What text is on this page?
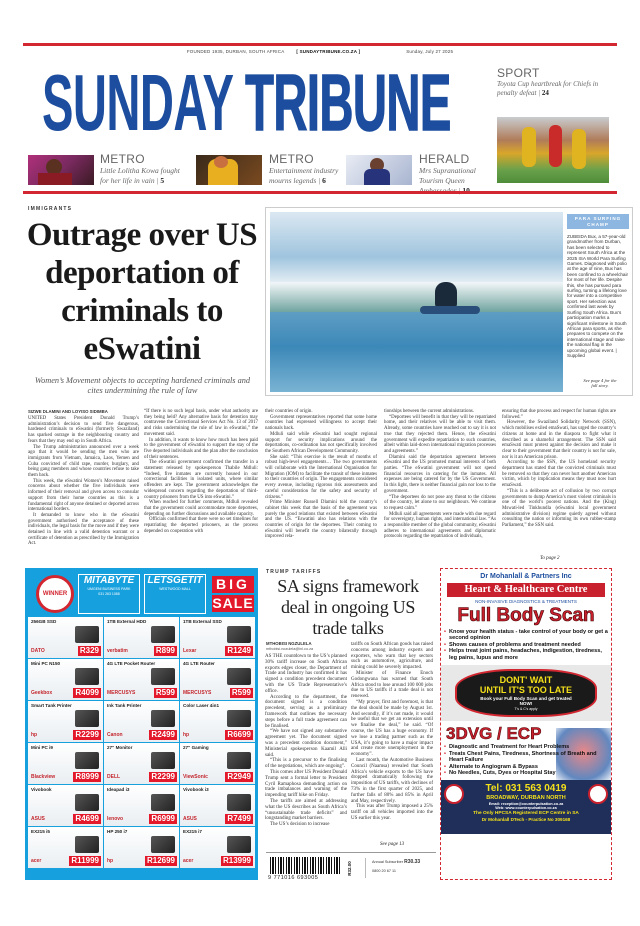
FOUNDED 1935, DURBAN, SOUTH AFRICA	[ SUNDAYTRIBUNE.CO.ZA ]	Sunday, July 27 2025
SUNDAY TRIBUNE	SPORT
Toyota Cup heartbreak for Chiefs in penalty defeat | 24
METRO
Little Lolitha Kowa fought for her life in vain | 5
METRO
Entertainment industry mourns legends | 6
HERALD
Mrs Supranational Tourism Queen
IMMIGRANTS
Outrage over US deportation of criminals to eSwatini
Women’s Movement objects to accepting hardened criminals and cites undermining the rule of law
PARA SURFING CHAMP
ZUBEIDA Bux, a 57-year-old grandmother from Durban, has been selected to represent South Africa at the 2025 ISA World Para Surfing Games. Diagnosed with polio at the age of nine, Bux has been confined to a wheelchair for most of her life. Despite this, she has pursued para surfing, turning a lifelong love for water into a competitive sport. Her selection was confirmed last week by Surfing South Africa. Bux’s participation marks a significant milestone in South African para sports, as she prepares to compete on the international stage and raise the national flag in the upcoming global event. | Supplied
See page 4 for the full story.
SIZWE DLAMINI AND LOYISO SIDIMBA

UNITED States President Donald Trump’s administration’s decision to send five dangerous, hardened criminals to eSwatini (formerly Swaziland) has sparked outrage in the neighbouring country and fears that they may end up in South Africa.

The Trump administration announced over a week ago that it would be sending the men who are immigrants from Vietnam, Jamaica, Laos, Yemen and Cuba convicted of child rape, murder, burglary, and being gang members and whose countries refuse to take them back.

This week, the eSwatini Women’s Movement raised concerns about whether the five individuals were informed of their removal and given access to consular support from their home countries as this is a fundamental right of anyone detained or deported across international borders.

It demanded to know who in the eSwatini government authorised the acceptance of these individuals, the legal basis for the move and if they were detained in line with a valid detention warrant or a certificate of detention as prescribed by the Immigration Act.

“If there is no such legal basis, under what authority are they being held? Any alternative basis for detention may contravene the Correctional Services Act No. 13 of 2017 and risks undermining the rule of law in eSwatini,” the movement said.

In addition, it wants to know how much has been paid to the government of eSwatini to support the stay of the five deported individuals and the plan after the conclusion of their sentences.

The eSwatini government confirmed the transfer in a statement released by spokesperson Thabile Mdluli: “Indeed, five inmates are currently housed in our correctional facilities in isolated units, where similar offenders are kept. The government acknowledges the widespread concern regarding the deportation of third-country prisoners from the US into eSwatini.”

When reached for further comments, Mdluli revealed that the government could accommodate more deportees, depending on further discussions and available capacity.

Officials confirmed that there were no set timelines for repatriating the deported prisoners, as the process depended on cooperation with

their countries of origin.

Government representatives reported that some home countries had expressed willingness to accept their nationals back.

Mdluli said while eSwatini had sought regional support for security implications around the deportations, co-ordination has not specifically involved the Southern African Development Community.

She said: “This exercise is the result of months of robust high-level engagements… The two governments will collaborate with the International Organisation for Migration (IOM) to facilitate the transit of these inmates to their countries of origin. The engagements considered every avenue, including rigorous risk assessments and careful consideration for the safety and security of citizens.”

Prime Minister Russell Dlamini told the country’s cabinet this week that the basis of the agreement was purely the good relations that existed between eSwatini and the US. “Eswatini also has relations with the countries of origin for the deportees. Their coming to eSwatini will benefit the country bilaterally through improved rela-

tionships between the current administrations.

“Deportees will benefit in that they will be repatriated home, and their relatives will be able to visit them. Already, some countries have reached out to say it is not true that they rejected them. Hence, the eSwatini government will expedite repatriation to such countries, albeit within laid-down international migration processes and agreements.”

Dlamini said the deportation agreement between eSwatini and the US promoted mutual interests of both parties. “The eSwatini government will not spend financial resources in catering for the inmates. All expenses are being catered for by the US Government. In this light, there is neither financial gain nor loss to the government.

“The deportees do not pose any threat to the citizens of the country, let alone to our neighbours. We continue to request calm.”

Mdluli said all agreements were made with due regard for sovereignty, human rights, and international law. “As a responsible member of the global community, eSwatini adheres to international agreements and diplomatic protocols regarding the repatriation of individuals,

ensuring that due process and respect for human rights are followed.”

However, the Swaziland Solidarity Network (SSN), which mobilises exiled emaSwati, has urged the country’s citizens at home and in the diaspora to fight what it described as a shameful arrangement. The SSN said emaSwati must protest against the decision and make it clear to their government that their country is not for sale, nor is it an American prison.

According to the SSN, the US homeland security department has stated that the convicted criminals must be removed so that they can never hurt another American victim, which by implication means they must now hurt emaSwati.

“This is a deliberate act of collusion by two corrupt governments to dump America’s most violent criminals in one of the world’s poorest nations. And the (King) Mswati-led Tinkhundla (eSwatini local government administrative division) regime quietly agreed without consulting the nation or informing its own rubber-stamp Parliament,” the SSN said.

To page 2
WINNER
MITABYTE
UMGENI BUSINESS PARK
031 263 1088
LETSGETIT
WESTWOOD MALL	BIG
SALE
256GB SSD
DATO	R329
1TB External HDD
verbatim	R899
1TB External SSD
Lexar	R1249
Mini PC N150
Geekbox	R4099
4G LTE Pocket Router
MERCUSYS	R599
4G LTE Router
MERCUSYS	R599
Smart Tank Printer
hp	R2299
Ink Tank Printer
Canon	R2499
Color Laser 4in1
hp	R6699
Mini PC i9
Blackview	R8999
27" Monitor
DELL	R2299
27" Gaming
ViewSonic R2949
Vivobook
ASUS	R4699
Ideapad i3
lenovo	R6999
Vivobook i3
ASUS	R7499
EX215 i5
acer	R11999
HP 250 i7
hp	R12699
EX215 i7
acer	R13999
TRUMP TARIFFS
SA signs framework deal in ongoing US trade talks
MTHOBISI NGZULELA
mthobisi.nozulela@inl.co.za

AS THE countdown to the US’s planned 30% tariff increase on South African exports edges closer, the Department of Trade and Industry has confirmed it has signed a condition precedent document with the US Trade Representative’s office.

According to the department, the document signed is a condition precedent, serving as a preliminary framework that outlines the necessary steps before a full trade agreement can be finalised.

“We have not signed any substantive agreement yet. The document signed was a precedent condition document,” Ministerial spokesperson Kaamil Alli said.

“This is a precursor to the finalising of the negotiations, which are ongoing”.

This comes after US President Donald Trump sent a formal letter to President Cyril Ramaphosa demanding action on trade imbalances and warning of the impending tariff hike on Friday.

The tariffs are aimed at addressing what the US describes as South Africa’s “unsustainable trade deficits” and longstanding market barriers.

The US’s decision to increase

tariffs on South African goods has raised concerns among industry experts and exporters, who warn that key sectors such as automotive, agriculture, and mining could be severely impacted.

Minister of Finance Enoch Godongwana has warned that South Africa stood to lose around 100 000 jobs due to US tariffs if a trade deal is not renewed.

“My prayer, first and foremost, is that the deal should be made by August 1st. And secondly, if it’s not made, it would be useful that we get an extension until we finalise the deal,” he said. “Of course, the US has a huge economy. If we lose a trading partner such as the USA, it’s going to have a major impact and create more unemployment in the economy”.

Last month, the Automotive Business Council (Naamsa) revealed that South Africa’s vehicle exports to the US have dropped dramatically following the imposition of US tariffs, with declines of 73% in the first quarter of 2025, and further falls of 80% and 85% in April and May, respectively.

This was after Trump imposed a 25% tariff on all vehicles imported into the US earlier this year.

See page 13
9 771016 693005
R32.00	Annual Subscriber R30.33
0800 20 67 11
Dr Mohanlall & Partners Inc
Heart & Healthcare Centre
NON-INVASIVE DIAGNOSTICS & TREATMENTS
Full Body Scan
• Know your health status - take control of your body or get a second opinion
• Shows causes of problems and treatment needed
• Helps treat joint pains, headaches, indigestion, tiredness, leg pains, lupus and more
DONT' WAIT
UNTIL IT'S TOO LATE
Book your Full Body Scan and get treated NOW!
T's & C's apply
3DVG / ECP
• Diagnostic and Treatment for Heart Problems
• Treats Chest Pains, Tiredness, Shortness of Breath and Heart Failure
• Alternate to Angiogram & Bypass
• No Needles, Cuts, Dyes or Hospital Stay
Tel: 031 563 0419
BROADWAY, DURBAN NORTH
Email: reception@counterpulsation.co.za
Web: www.counterpulsation.co.za
The Only HPCSA Registered ECP Centre in SA
Dr Mohanlall DTech - Practice No 309168
